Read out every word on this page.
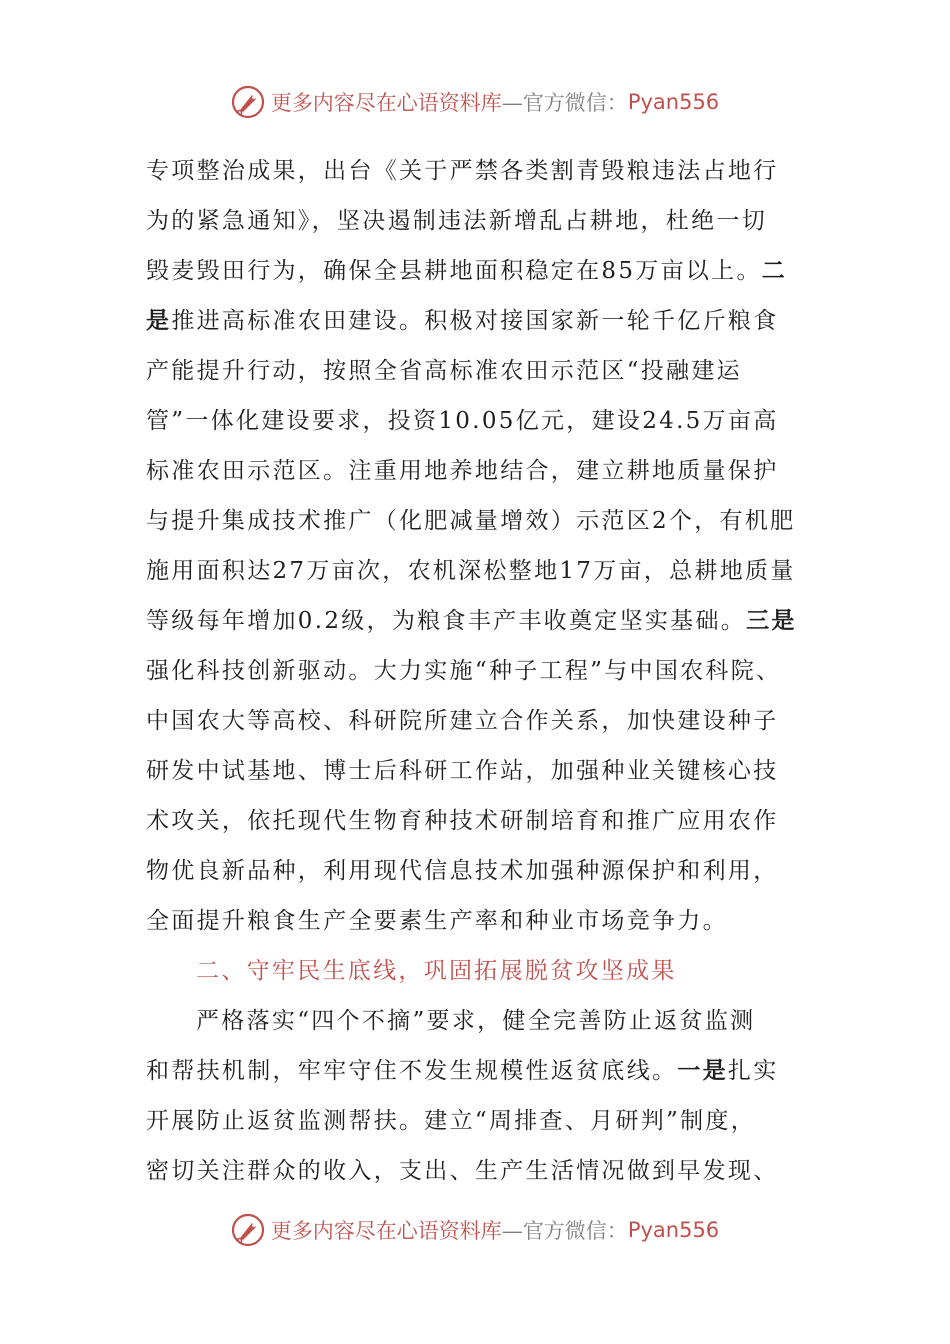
更多内容尽在心语资料库 —官方微信： Pyan556
专项整治成果，出台《关于严禁各类割青毁粮违法占地行
为的紧急通知》，坚决遏制违法新增乱占耕地，杜绝一切
毁麦毁田行为，确保全县耕地面积稳定在85万亩以上。二
是推进高标准农田建设。积极对接国家新一轮千亿斤粮食
产能提升行动，按照全省高标准农田示范区“投融建运
管”一体化建设要求，投资10.05亿元，建设24.5万亩高
标准农田示范区。注重用地养地结合，建立耕地质量保护
与提升集成技术推广（化肥减量增效）示范区2个，有机肥
施用面积达27万亩次，农机深松整地17万亩，总耕地质量
等级每年增加0.2级，为粮食丰产丰收奠定坚实基础。三是
强化科技创新驱动。大力实施“种子工程”与中国农科院、
中国农大等高校、科研院所建立合作关系，加快建设种子
研发中试基地、博士后科研工作站，加强种业关键核心技
术攻关，依托现代生物育种技术研制培育和推广应用农作
物优良新品种，利用现代信息技术加强种源保护和利用，
全面提升粮食生产全要素生产率和种业市场竞争力。
二、守牢民生底线，巩固拓展脱贫攻坚成果
严格落实“四个不摘”要求，健全完善防止返贫监测
和帮扶机制，牢牢守住不发生规模性返贫底线。一是扎实
开展防止返贫监测帮扶。建立“周排查、月研判”制度，
密切关注群众的收入，支出、生产生活情况做到早发现、
更多内容尽在心语资料库 —官方微信： Pyan556
